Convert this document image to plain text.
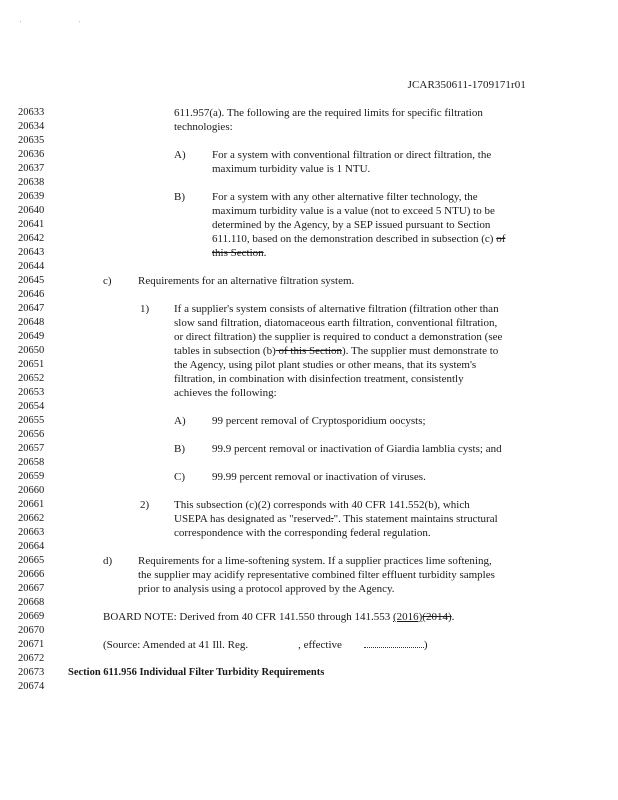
' '
JCAR350611-1709171r01
20633
20634
20635
20636
20637
20638
20639
20640
20641
20642
20643
20644
20645
20646
20647
20648
20649
20650
20651
20652
20653
20654
20655
20656
20657
20658
20659
20660
20661
20662
20663
20664
20665
20666
20667
20668
20669
20670
20671
20672
20673
20674
611.957(a). The following are the required limits for specific filtration
technologies:
A) For a system with conventional filtration or direct filtration, the
maximum turbidity value is 1 NTU.
B) For a system with any other alternative filter technology, the
maximum turbidity value is a value (not to exceed 5 NTU) to be
determined by the Agency, by a SEP issued pursuant to Section
611.110, based on the demonstration described in subsection (c) of
this Section.
c) Requirements for an alternative filtration system.
1) If a supplier's system consists of alternative filtration (filtration other than
slow sand filtration, diatomaceous earth filtration, conventional filtration,
or direct filtration) the supplier is required to conduct a demonstration (see
tables in subsection (b) of this Section). The supplier must demonstrate to
the Agency, using pilot plant studies or other means, that its system's
filtration, in combination with disinfection treatment, consistently
achieves the following:
A) 99 percent removal of Cryptosporidium oocysts;
B) 99.9 percent removal or inactivation of Giardia lamblia cysts; and
C) 99.99 percent removal or inactivation of viruses.
2) This subsection (c)(2) corresponds with 40 CFR 141.552(b), which
USEPA has designated as "reserved.". This statement maintains structural
correspondence with the corresponding federal regulation.
d) Requirements for a lime-softening system. If a supplier practices lime softening,
the supplier may acidify representative combined filter effluent turbidity samples
prior to analysis using a protocol approved by the Agency.
BOARD NOTE: Derived from 40 CFR 141.550 through 141.553 (2016)(2014).
(Source: Amended at 41 Ill. Reg.	, effective	)
Section 611.956 Individual Filter Turbidity Requirements
